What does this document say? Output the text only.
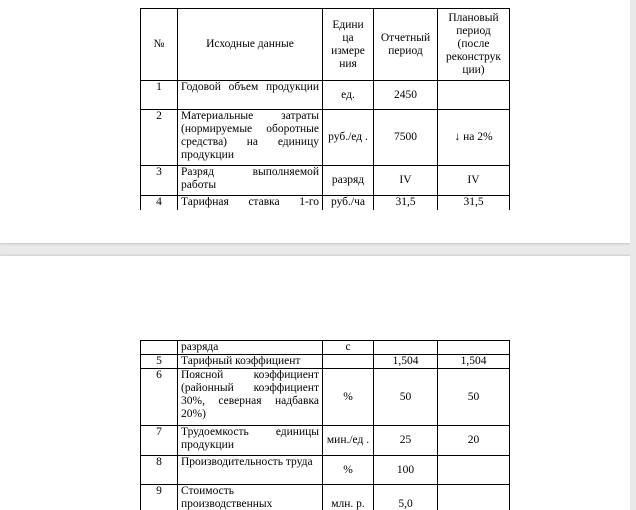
№	Исходные данные	Едини ца измере ния	Отчетный период	Плановый период (после реконструк ции)
1	Годовой объем продукции	ед.	2450	
2	Материальные затраты (нормируемые оборотные средства) на единицу продукции	руб./ед .	7500	↓ на 2%
3	Разряд выполняемой работы	разряд	IV	IV
4	Тарифная ставка 1-го	руб./ча	31,5	31,5
	разряда	с		
5	Тарифный коэффициент		1,504	1,504
6	Поясной коэффициент (районный коэффициент 30%, северная надбавка 20%)	%	50	50
7	Трудоемкость единицы продукции	мин./ед .	25	20
8	Производительность труда	%	100	
9	Стоимость производственных	млн. р.	5,0	
